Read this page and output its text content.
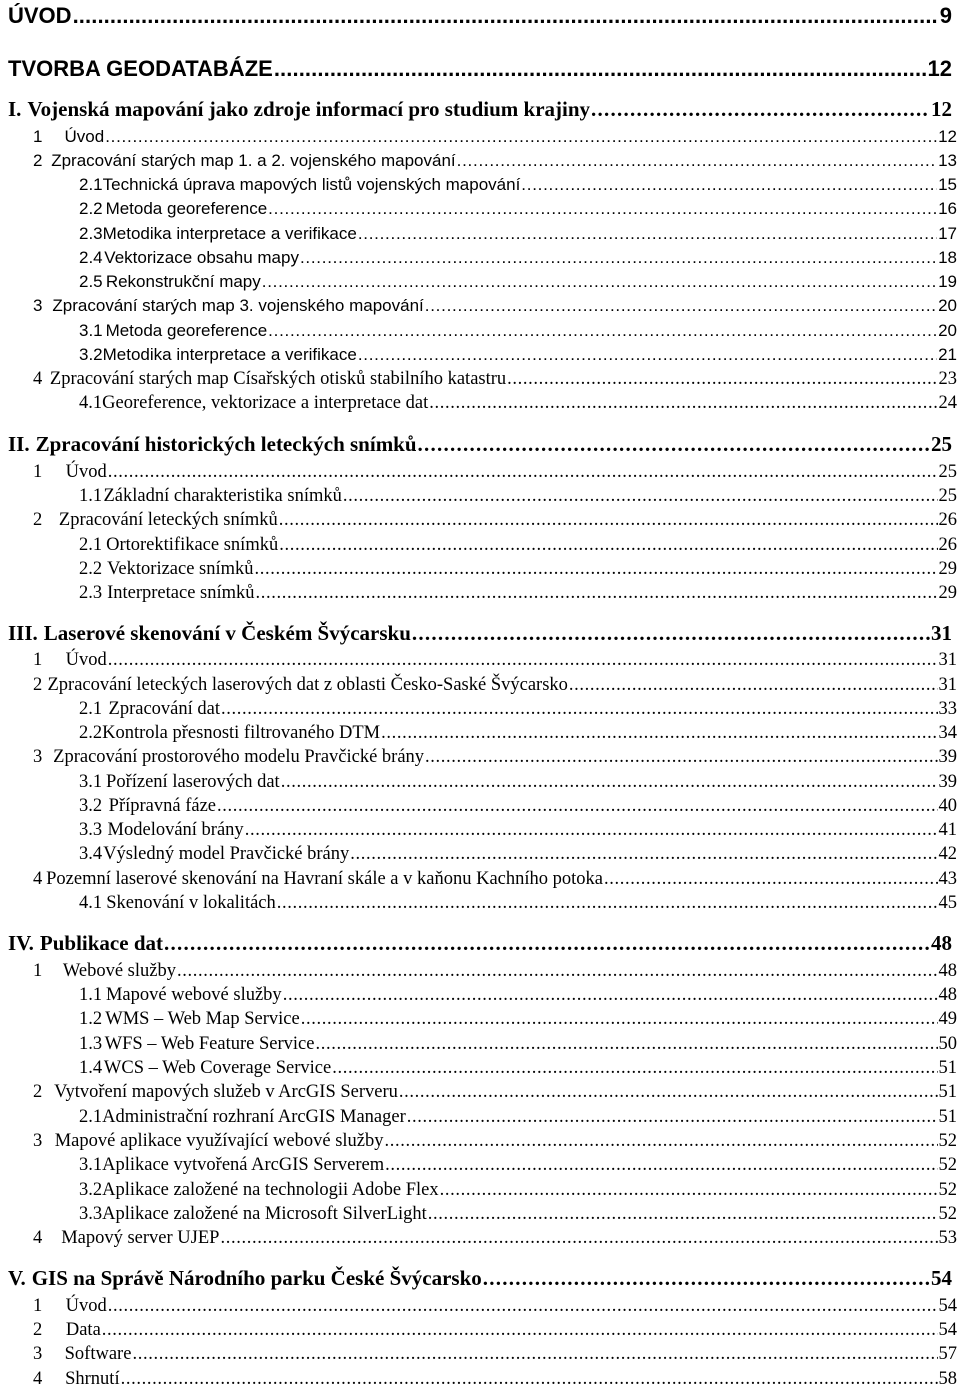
ÚVOD . . .	9
TVORBA GEODATABÁZE . . .	12
I. Vojenská mapování jako zdroje informací pro studium krajiny . . .	12
1	Úvod . . .	12
2 Zpracování starých map 1. a 2. vojenského mapování . . .	13
2.1 Technická úprava mapových listů vojenských mapování . . .	15
2.2 Metoda georeference . . .	16
2.3 Metodika interpretace a verifikace . . .	17
2.4 Vektorizace obsahu mapy . . .	18
2.5 Rekonstrukční mapy . . .	19
3 Zpracování starých map 3. vojenského mapování . . .	20
3.1 Metoda georeference . . .	20
3.2 Metodika interpretace a verifikace . . .	21
4 Zpracování starých map Císařských otisků stabilního katastru . . .	23
4.1 Georeference, vektorizace a interpretace dat . . .	24
II. Zpracování historických leteckých snímků . . .	25
1	Úvod . . .	25
1.1 Základní charakteristika snímků . . .	25
2 Zpracování leteckých snímků . . .	26
2.1 Ortorektifikace snímků . . .	26
2.2 Vektorizace snímků . . .	29
2.3 Interpretace snímků . . .	29
III. Laserové skenování v Českém Švýcarsku . . .	31
1	Úvod . . .	31
2 Zpracování leteckých laserových dat z oblasti Česko-Saské Švýcarsko . . .	31
2.1 Zpracování dat . . .	33
2.2 Kontrola přesnosti filtrovaného DTM . . .	34
3 Zpracování prostorového modelu Pravčické brány . . .	39
3.1 Pořízení laserových dat . . .	39
3.2 Přípravná fáze . . .	40
3.3 Modelování brány . . .	41
3.4 Výsledný model Pravčické brány . . .	42
4 Pozemní laserové skenování na Havraní skále a v kaňonu Kachního potoka . . .	43
4.1 Skenování v lokalitách . . .	45
IV. Publikace dat . . .	48
1	Webové služby . . .	48
1.1 Mapové webové služby . . .	48
1.2 WMS – Web Map Service . . .	49
1.3 WFS – Web Feature Service . . .	50
1.4 WCS – Web Coverage Service . . .	51
2 Vytvoření mapových služeb v ArcGIS Serveru . . .	51
2.1 Administrační rozhraní ArcGIS Manager . . .	51
3 Mapové aplikace využívající webové služby . . .	52
3.1 Aplikace vytvořená ArcGIS Serverem . . .	52
3.2 Aplikace založené na technologii Adobe Flex . . .	52
3.3 Aplikace založené na Microsoft SilverLight . . .	52
4	Mapový server UJEP . . .	53
V. GIS na Správě Národního parku České Švýcarsko . . .	54
1	Úvod . . .	54
2	Data . . .	54
3	Software . . .	57
4	Shrnutí . . .	58
